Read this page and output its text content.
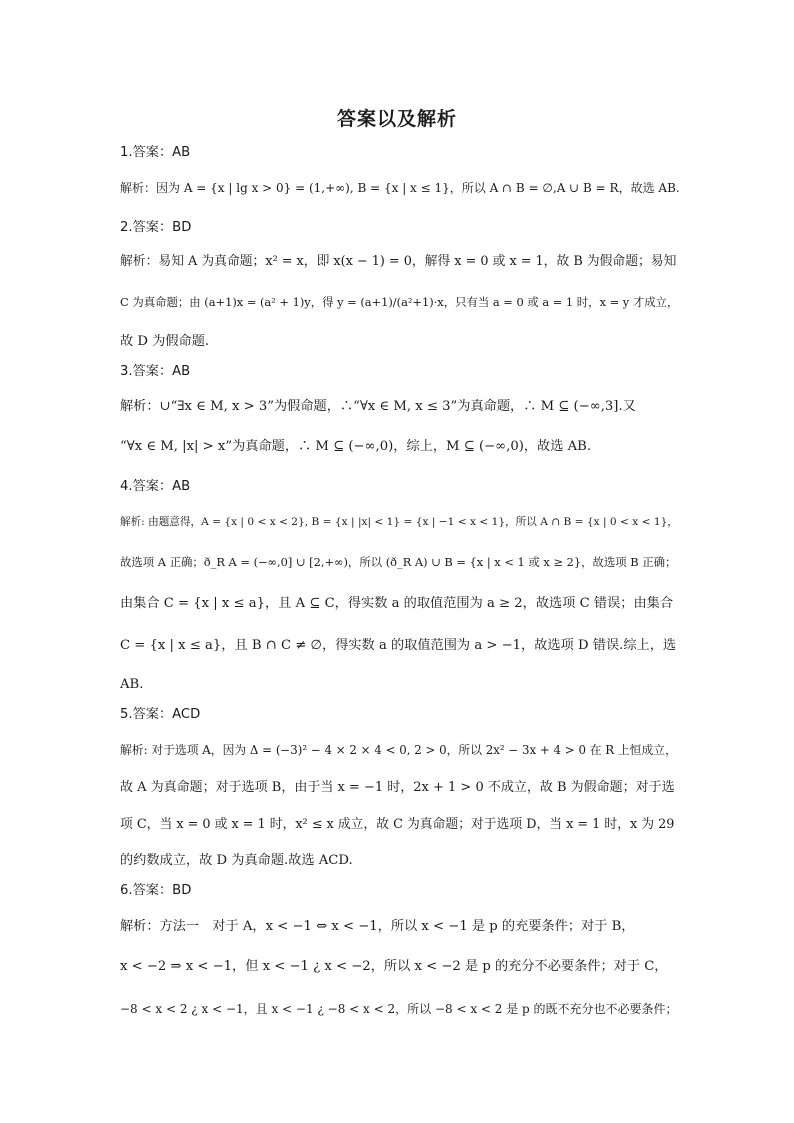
答案以及解析
1.答案：AB
解析：因为 A = {x | lg x > 0} = (1,+∞), B = {x | x ≤ 1}，所以 A ∩ B = ∅,A ∪ B = R，故选 AB.
2.答案：BD
解析：易知 A 为真命题；x² = x，即 x(x − 1) = 0，解得 x = 0 或 x = 1，故 B 为假命题；易知
C 为真命题；由 (a+1)x = (a² + 1)y，得 y = (a+1)/(a²+1)·x，只有当 a = 0 或 a = 1 时，x = y 才成立，
故 D 为假命题.
3.答案：AB
解析：∪“∃x ∈ M, x > 3”为假命题，∴“∀x ∈ M, x ≤ 3”为真命题，∴ M ⊆ (−∞,3].又
“∀x ∈ M, |x| > x”为真命题，∴ M ⊆ (−∞,0)，综上，M ⊆ (−∞,0)，故选 AB.
4.答案：AB
解析: 由题意得，A = {x | 0 < x < 2}, B = {x | |x| < 1} = {x | −1 < x < 1}，所以 A ∩ B = {x | 0 < x < 1}，
故选项 A 正确；ð_R A = (−∞,0] ∪ [2,+∞)，所以 (ð_R A) ∪ B = {x | x < 1 或 x ≥ 2}，故选项 B 正确；
由集合 C = {x | x ≤ a}，且 A ⊆ C，得实数 a 的取值范围为 a ≥ 2，故选项 C 错误；由集合
C = {x | x ≤ a}，且 B ∩ C ≠ ∅，得实数 a 的取值范围为 a > −1，故选项 D 错误.综上，选
AB.
5.答案：ACD
解析: 对于选项 A，因为 Δ = (−3)² − 4 × 2 × 4 < 0, 2 > 0，所以 2x² − 3x + 4 > 0 在 R 上恒成立，
故 A 为真命题；对于选项 B，由于当 x = −1 时，2x + 1 > 0 不成立，故 B 为假命题；对于选
项 C，当 x = 0 或 x = 1 时，x² ≤ x 成立，故 C 为真命题；对于选项 D，当 x = 1 时，x 为 29
的约数成立，故 D 为真命题.故选 ACD.
6.答案：BD
解析：方法一　对于 A，x < −1 ⇔ x < −1，所以 x < −1 是 p 的充要条件；对于 B，
x < −2 ⇒ x < −1，但 x < −1 ¿ x < −2，所以 x < −2 是 p 的充分不必要条件；对于 C，
−8 < x < 2 ¿ x < −1，且 x < −1 ¿ −8 < x < 2，所以 −8 < x < 2 是 p 的既不充分也不必要条件；
